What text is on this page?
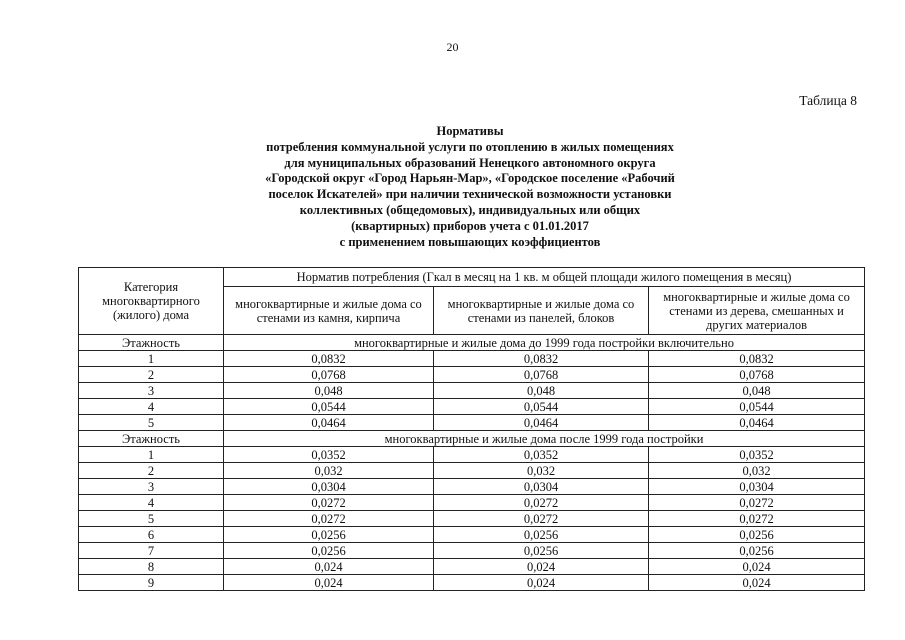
20
Таблица 8
Нормативы
потребления коммунальной услуги по отоплению в жилых помещениях
для муниципальных образований Ненецкого автономного округа
«Городской округ «Город Нарьян-Мар», «Городское поселение «Рабочий
поселок Искателей» при наличии технической возможности установки
коллективных (общедомовых), индивидуальных или общих
(квартирных) приборов учета с 01.01.2017
с применением повышающих коэффициентов
Категория многоквартирного (жилого) дома	Норматив потребления (Гкал в месяц на 1 кв. м общей площади жилого помещения в месяц)		
	многоквартирные и жилые дома со стенами из камня, кирпича	многоквартирные и жилые дома со стенами из панелей, блоков	многоквартирные и жилые дома со стенами из дерева, смешанных и других материалов
Этажность	многоквартирные и жилые дома до 1999 года постройки включительно		
1	0,0832	0,0832	0,0832
2	0,0768	0,0768	0,0768
3	0,048	0,048	0,048
4	0,0544	0,0544	0,0544
5	0,0464	0,0464	0,0464
Этажность	многоквартирные и жилые дома после 1999 года постройки		
1	0,0352	0,0352	0,0352
2	0,032	0,032	0,032
3	0,0304	0,0304	0,0304
4	0,0272	0,0272	0,0272
5	0,0272	0,0272	0,0272
6	0,0256	0,0256	0,0256
7	0,0256	0,0256	0,0256
8	0,024	0,024	0,024
9	0,024	0,024	0,024
